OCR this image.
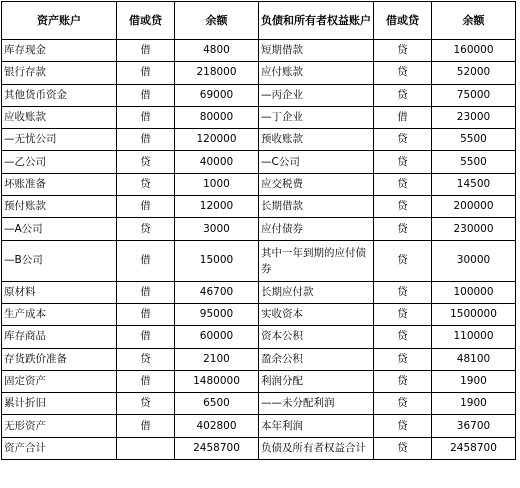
资产账户	借或贷	余额	负债和所有者权益账户	借或贷	余额
库存现金	借	4800	短期借款	贷	160000
银行存款	借	218000	应付账款	贷	52000
其他货币资金	借	69000	—丙企业	贷	75000
应收账款	借	80000	—丁企业	借	23000
—无忧公司	借	120000	预收账款	贷	5500
—乙公司	贷	40000	—C公司	贷	5500
坏账准备	贷	1000	应交税费	贷	14500
预付账款	借	12000	长期借款	贷	200000
—A公司	贷	3000	应付债券	贷	230000
—B公司	借	15000	其中一年到期的应付债券	贷	30000
原材料	借	46700	长期应付款	贷	100000
生产成本	借	95000	实收资本	贷	1500000
库存商品	借	60000	资本公积	贷	110000
存货跌价准备	贷	2100	盈余公积	贷	48100
固定资产	借	1480000	利润分配	贷	1900
累计折旧	贷	6500	——未分配利润	贷	1900
无形资产	借	402800	本年利润	贷	36700
资产合计		2458700	负债及所有者权益合计	贷	2458700
